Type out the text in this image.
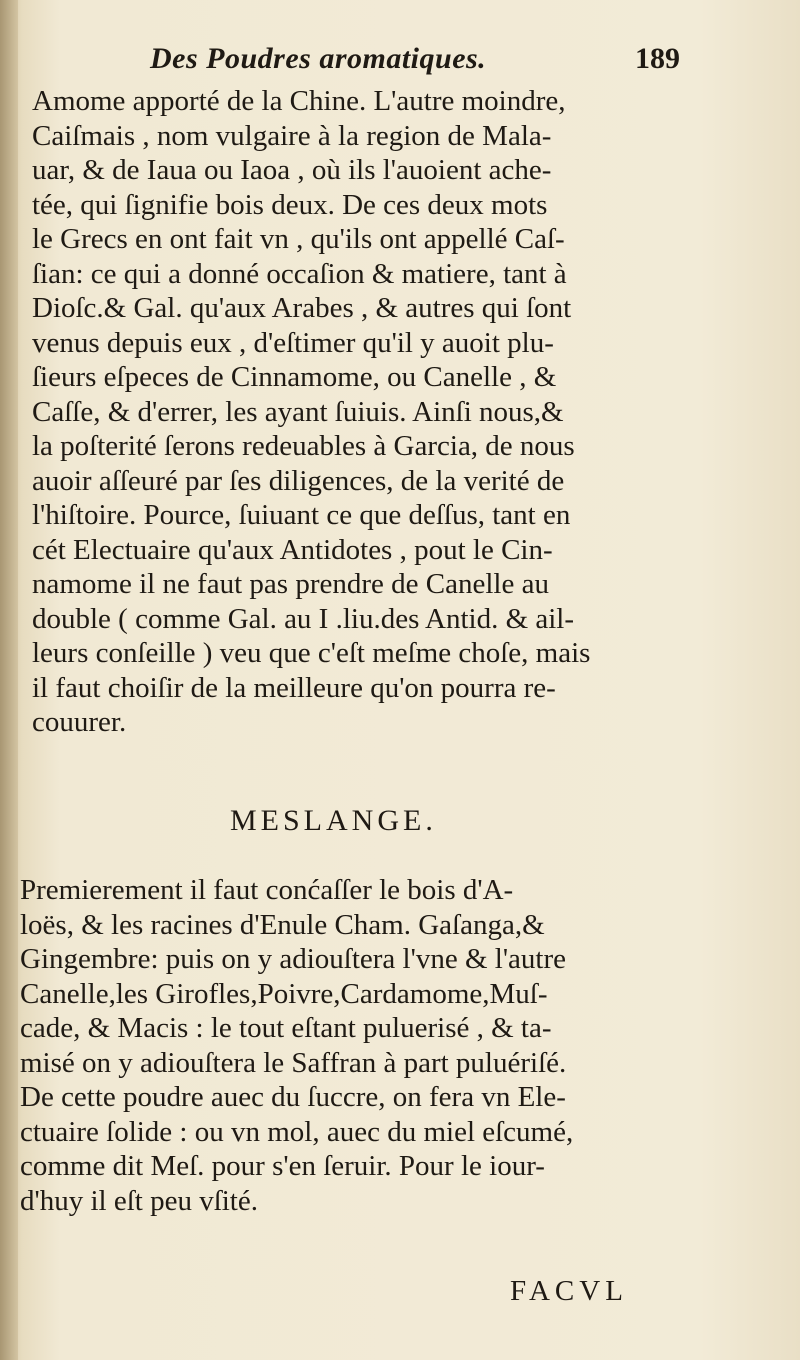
Des Poudres aromatiques.	189
Amome apporté de la Chine. L'autre moindre,
Caiſmais , nom vulgaire à la region de Mala-
uar, & de Iaua ou Iaoa , où ils l'auoient ache-
tée, qui ſignifie bois deux. De ces deux mots
le Grecs en ont fait vn , qu'ils ont appellé Caſ-
ſian: ce qui a donné occaſion & matiere, tant à
Dioſc.& Gal. qu'aux Arabes , & autres qui ſont
venus depuis eux , d'eſtimer qu'il y auoit plu-
ſieurs eſpeces de Cinnamome, ou Canelle , &
Caſſe, & d'errer, les ayant ſuiuis. Ainſi nous,&
la poſterité ſerons redeuables à Garcia, de nous
auoir aſſeuré par ſes diligences, de la verité de
l'hiſtoire. Pource, ſuiuant ce que deſſus, tant en
cét Electuaire qu'aux Antidotes , pout le Cin-
namome il ne faut pas prendre de Canelle au
double ( comme Gal. au I .liu.des Antid. & ail-
leurs conſeille ) veu que c'eſt meſme choſe, mais
il faut choiſir de la meilleure qu'on pourra re-
couurer.
MESLANGE.
Premierement il faut conćaſſer le bois d'A-
loës, & les racines d'Enule Cham. Gaſanga,&
Gingembre: puis on y adiouſtera l'vne & l'autre
Canelle,les Girofles,Poivre,Cardamome,Muſ-
cade, & Macis : le tout eſtant puluerisé , & ta-
misé on y adiouſtera le Saffran à part puluériſé.
De cette poudre auec du ſuccre, on fera vn Ele-
ctuaire ſolide : ou vn mol, auec du miel eſcumé,
comme dit Meſ. pour s'en ſeruir. Pour le iour-
d'huy il eſt peu vſité.
FACVL
